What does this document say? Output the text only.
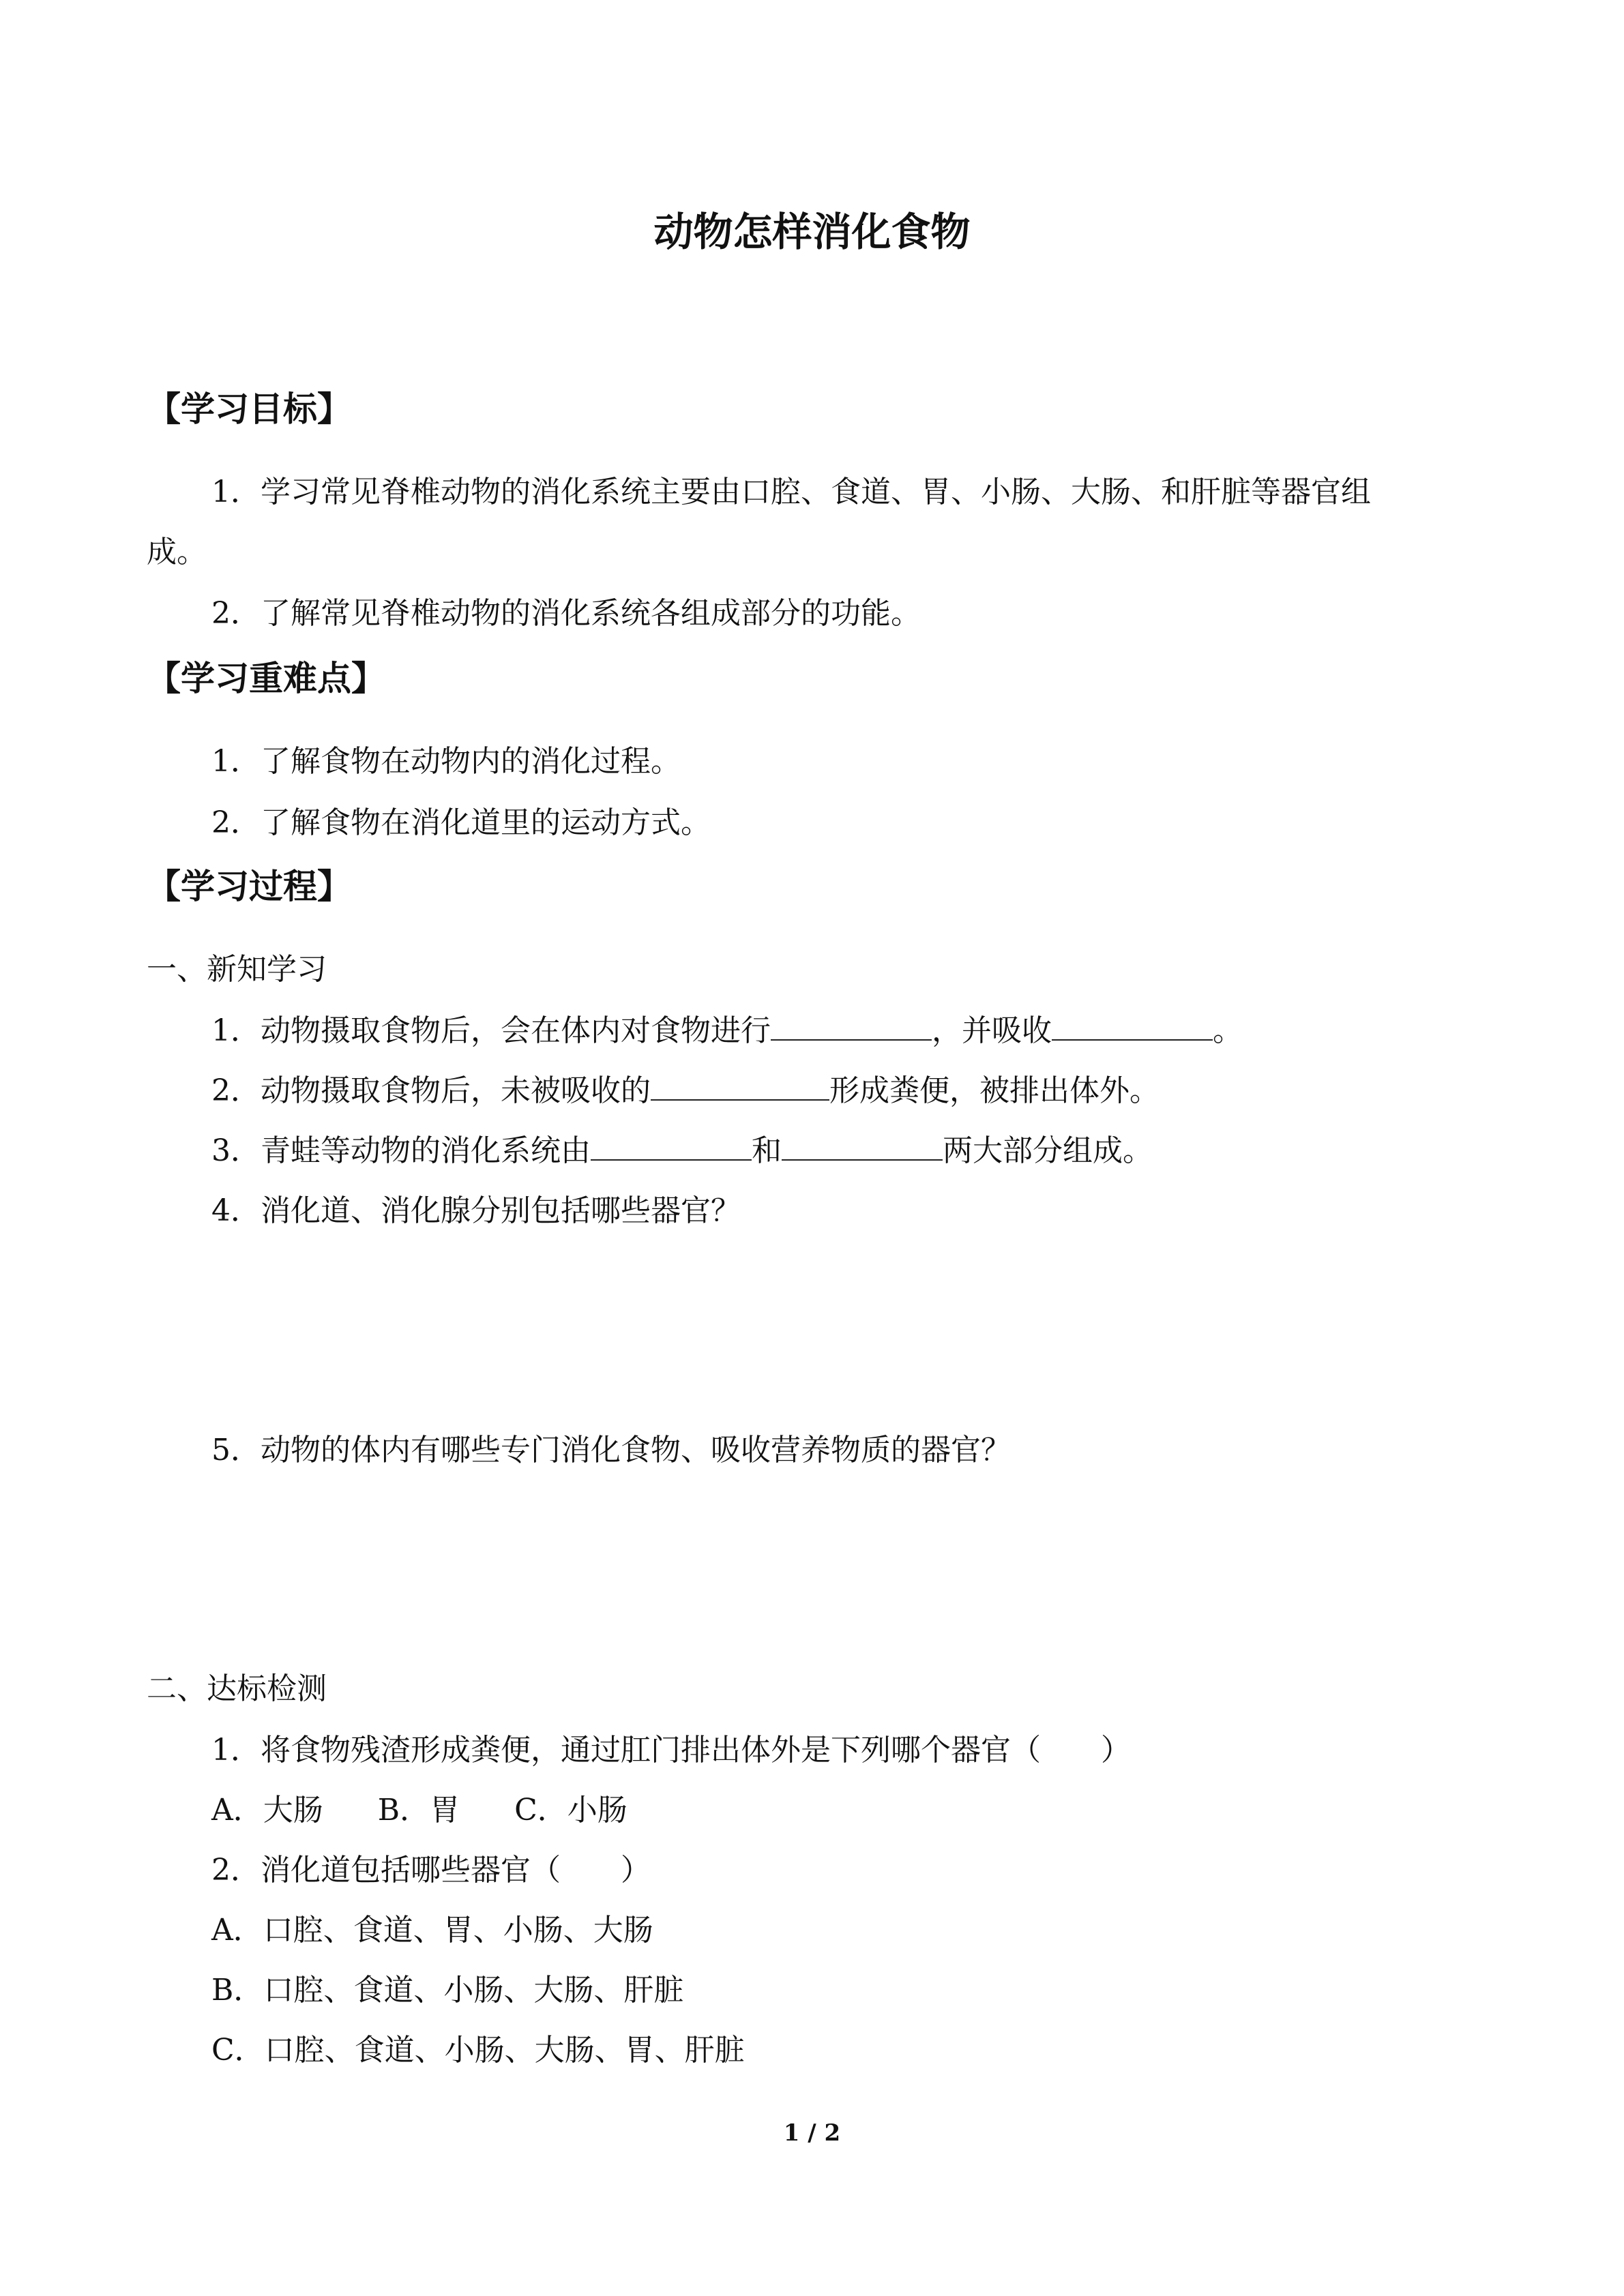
动物怎样消化食物
【学习目标】
1．学习常见脊椎动物的消化系统主要由口腔、食道、胃、小肠、大肠、和肝脏等器官组
成。
2．了解常见脊椎动物的消化系统各组成部分的功能。
【学习重难点】
1．了解食物在动物内的消化过程。
2．了解食物在消化道里的运动方式。
【学习过程】
一、新知学习
1．动物摄取食物后，会在体内对食物进行	，并吸收	。
2．动物摄取食物后，未被吸收的	形成粪便，被排出体外。
3．青蛙等动物的消化系统由	和	两大部分组成。
4．消化道、消化腺分别包括哪些器官？
5．动物的体内有哪些专门消化食物、吸收营养物质的器官？
二、达标检测
1．将食物残渣形成粪便，通过肛门排出体外是下列哪个器官（　　）
A．大肠 B．胃 C．小肠
2．消化道包括哪些器官（　　）
A．口腔、食道、胃、小肠、大肠
B．口腔、食道、小肠、大肠、肝脏
C．口腔、食道、小肠、大肠、胃、肝脏
1 / 2
